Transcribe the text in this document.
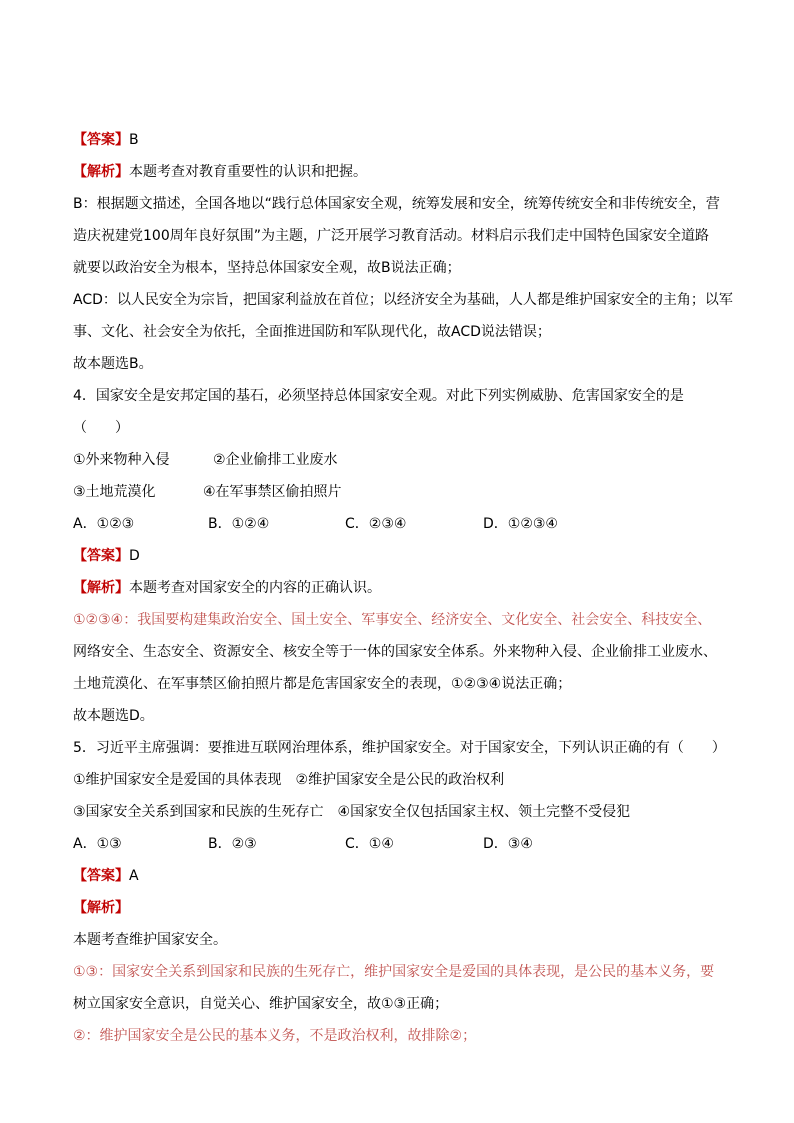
【答案】B
【解析】本题考查对教育重要性的认识和把握。
B：根据题文描述，全国各地以“践行总体国家安全观，统筹发展和安全，统筹传统安全和非传统安全，营
造庆祝建党100周年良好氛围”为主题，广泛开展学习教育活动。材料启示我们走中国特色国家安全道路
就要以政治安全为根本，坚持总体国家安全观，故B说法正确；
ACD：以人民安全为宗旨，把国家利益放在首位；以经济安全为基础，人人都是维护国家安全的主角；以军
事、文化、社会安全为依托，全面推进国防和军队现代化，故ACD说法错误；
故本题选B。
4．国家安全是安邦定国的基石，必须坚持总体国家安全观。对此下列实例威胁、危害国家安全的是
（　　）
①外来物种入侵	②企业偷排工业废水
③土地荒漠化	④在军事禁区偷拍照片
A．①②③	B．①②④	C．②③④	D．①②③④
【答案】D
【解析】本题考查对国家安全的内容的正确认识。
①②③④：我国要构建集政治安全、国土安全、军事安全、经济安全、文化安全、社会安全、科技安全、
网络安全、生态安全、资源安全、核安全等于一体的国家安全体系。外来物种入侵、企业偷排工业废水、
土地荒漠化、在军事禁区偷拍照片都是危害国家安全的表现，①②③④说法正确；
故本题选D。
5．习近平主席强调：要推进互联网治理体系，维护国家安全。对于国家安全，下列认识正确的有（　　）
①维护国家安全是爱国的具体表现　②维护国家安全是公民的政治权利
③国家安全关系到国家和民族的生死存亡　④国家安全仅包括国家主权、领土完整不受侵犯
A．①③	B．②③	C．①④	D．③④
【答案】A
【解析】
本题考查维护国家安全。
①③：国家安全关系到国家和民族的生死存亡，维护国家安全是爱国的具体表现，是公民的基本义务，要
树立国家安全意识，自觉关心、维护国家安全，故①③正确；
②：维护国家安全是公民的基本义务，不是政治权利，故排除②；
